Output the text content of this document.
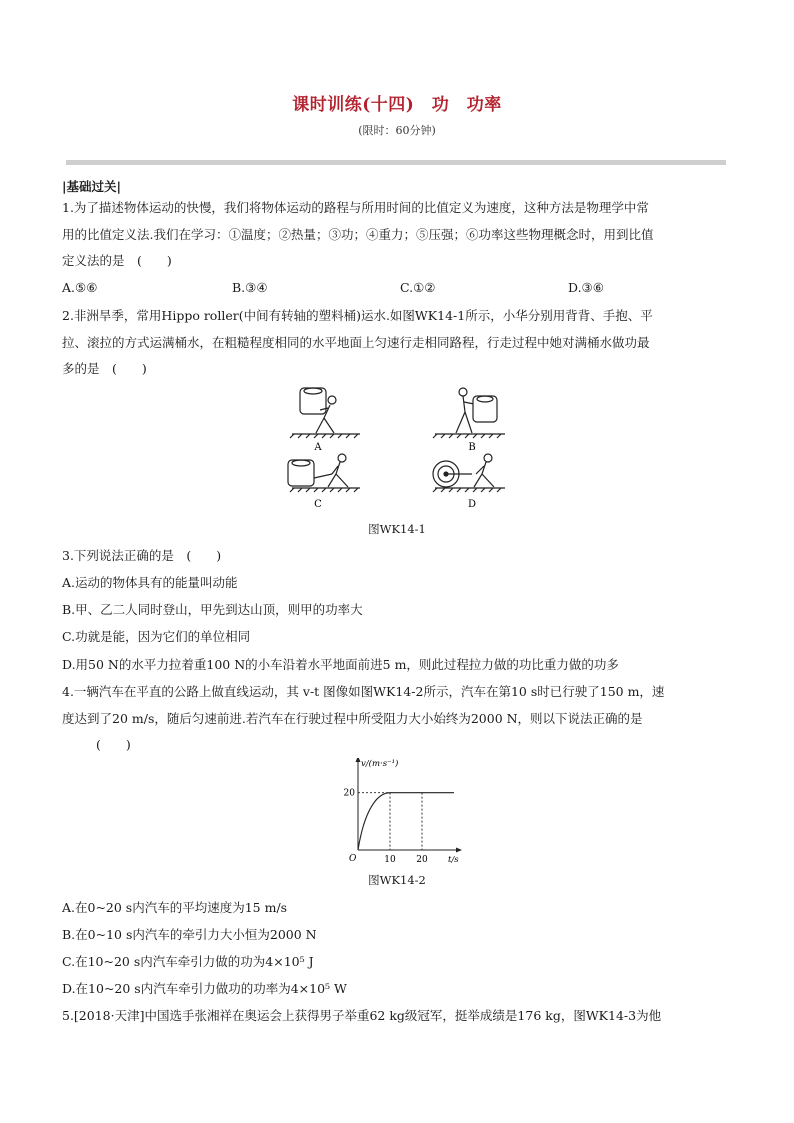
课时训练(十四)　功　功率
(限时：60分钟)
|基础过关|
1.为了描述物体运动的快慢，我们将物体运动的路程与所用时间的比值定义为速度，这种方法是物理学中常
用的比值定义法.我们在学习：①温度；②热量；③功；④重力；⑤压强；⑥功率这些物理概念时，用到比值
定义法的是　(　　)
A.⑤⑥	B.③④	C.①②	D.③⑥
2.非洲旱季，常用Hippo roller(中间有转轴的塑料桶)运水.如图WK14-1所示，小华分别用背背、手抱、平
拉、滚拉的方式运满桶水，在粗糙程度相同的水平地面上匀速行走相同路程，行走过程中她对满桶水做功最
多的是　(　　)
A	B
C	D
图WK14-1
3.下列说法正确的是　(　　)
A.运动的物体具有的能量叫动能
B.甲、乙二人同时登山，甲先到达山顶，则甲的功率大
C.功就是能，因为它们的单位相同
D.用50 N的水平力拉着重100 N的小车沿着水平地面前进5 m，则此过程拉力做的功比重力做的功多
4.一辆汽车在平直的公路上做直线运动，其 v-t 图像如图WK14-2所示，汽车在第10 s时已行驶了150 m，速
度达到了20 m/s，随后匀速前进.若汽车在行驶过程中所受阻力大小始终为2000 N，则以下说法正确的是
(　　)
v/(m·s⁻¹)
t/s
O
20
10 20
图WK14-2
A.在0~20 s内汽车的平均速度为15 m/s
B.在0~10 s内汽车的牵引力大小恒为2000 N
C.在10~20 s内汽车牵引力做的功为4×10⁵ J
D.在10~20 s内汽车牵引力做功的功率为4×10⁵ W
5.[2018·天津]中国选手张湘祥在奥运会上获得男子举重62 kg级冠军，挺举成绩是176 kg，图WK14-3为他
